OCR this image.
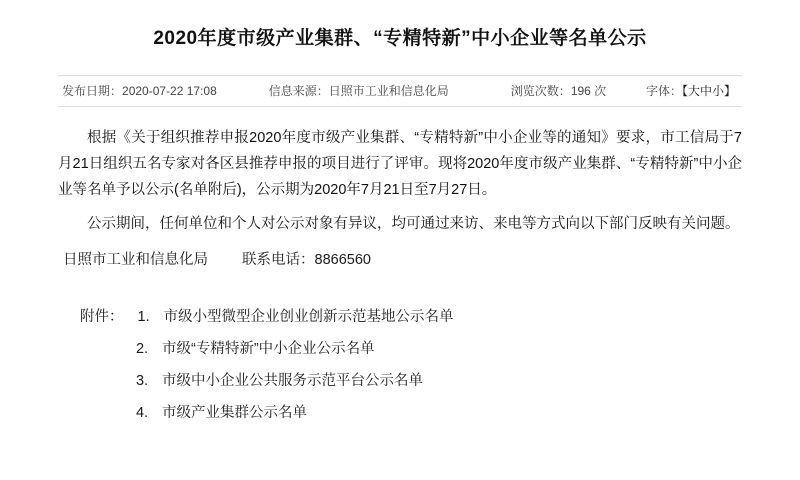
2020年度市级产业集群、“专精特新”中小企业等名单公示
发布日期：2020-07-22 17:08	信息来源：日照市工业和信息化局	浏览次数：196 次	字体：【大中小】

根据《关于组织推荐申报2020年度市级产业集群、“专精特新”中小企业等的通知》要求，市工信局于7月21日组织五名专家对各区县推荐申报的项目进行了评审。现将2020年度市级产业集群、“专精特新”中小企业等名单予以公示(名单附后)，公示期为2020年7月21日至7月27日。

公示期间，任何单位和个人对公示对象有异议，均可通过来访、来电等方式向以下部门反映有关问题。

日照市工业和信息化局 联系电话：8866560
附件： 1. 市级小型微型企业创业创新示范基地公示名单
2. 市级“专精特新”中小企业公示名单
3. 市级中小企业公共服务示范平台公示名单
4. 市级产业集群公示名单
